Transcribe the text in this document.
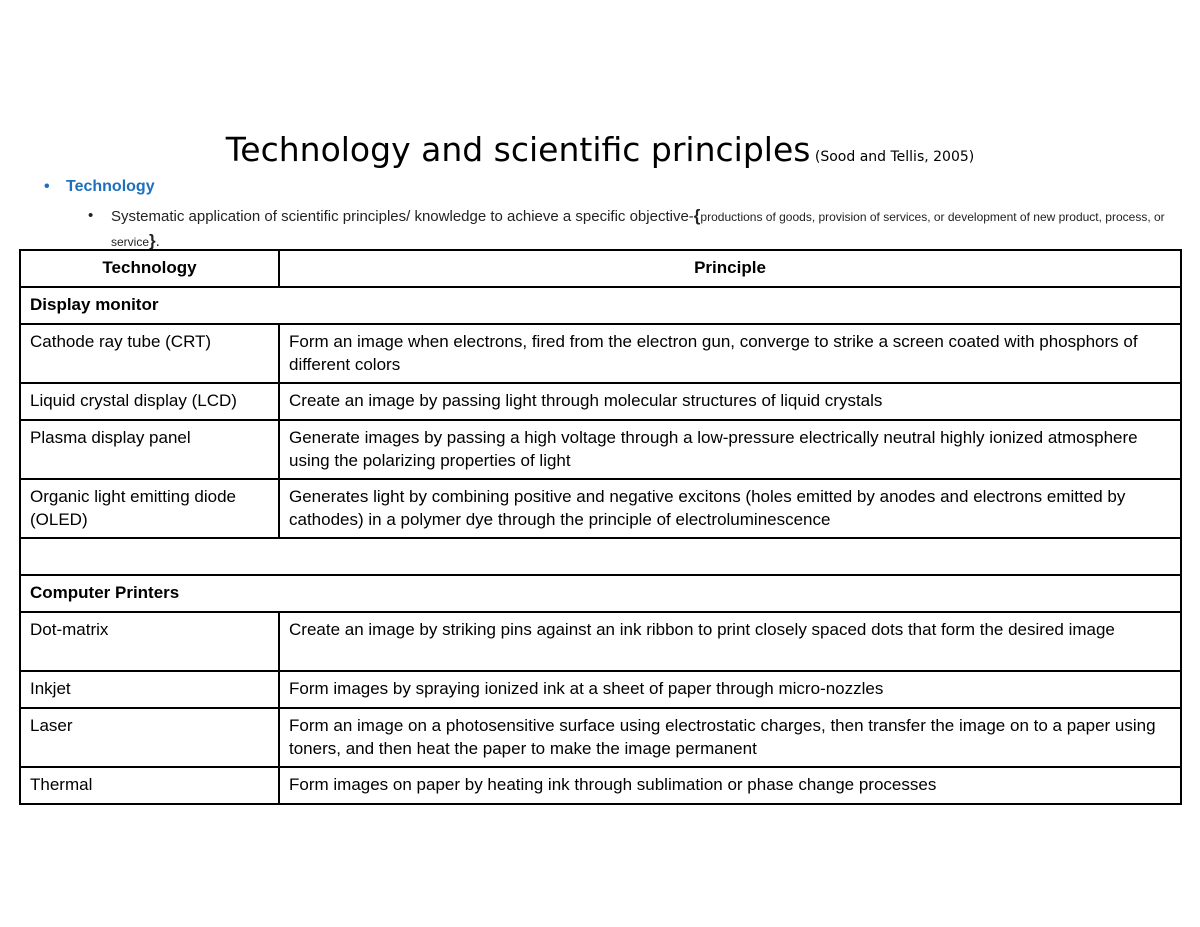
Technology and scientific principles (Sood and Tellis, 2005)
• Technology
• Systematic application of scientific principles/ knowledge to achieve a specific objective-{productions of goods, provision of services, or development of new product, process, or service}.
Technology	Principle
Display monitor	
Cathode ray tube (CRT)	Form an image when electrons, fired from the electron gun, converge to strike a screen coated with phosphors of different colors
Liquid crystal display (LCD)	Create an image by passing light through molecular structures of liquid crystals
Plasma display panel	Generate images by passing a high voltage through a low-pressure electrically neutral highly ionized atmosphere using the polarizing properties of light
Organic light emitting diode (OLED)	Generates light by combining positive and negative excitons (holes emitted by anodes and electrons emitted by cathodes) in a polymer dye through the principle of electroluminescence

Computer Printers	
Dot-matrix	Create an image by striking pins against an ink ribbon to print closely spaced dots that form the desired image
Inkjet	Form images by spraying ionized ink at a sheet of paper through micro-nozzles
Laser	Form an image on a photosensitive surface using electrostatic charges, then transfer the image on to a paper using toners, and then heat the paper to make the image permanent
Thermal	Form images on paper by heating ink through sublimation or phase change processes
